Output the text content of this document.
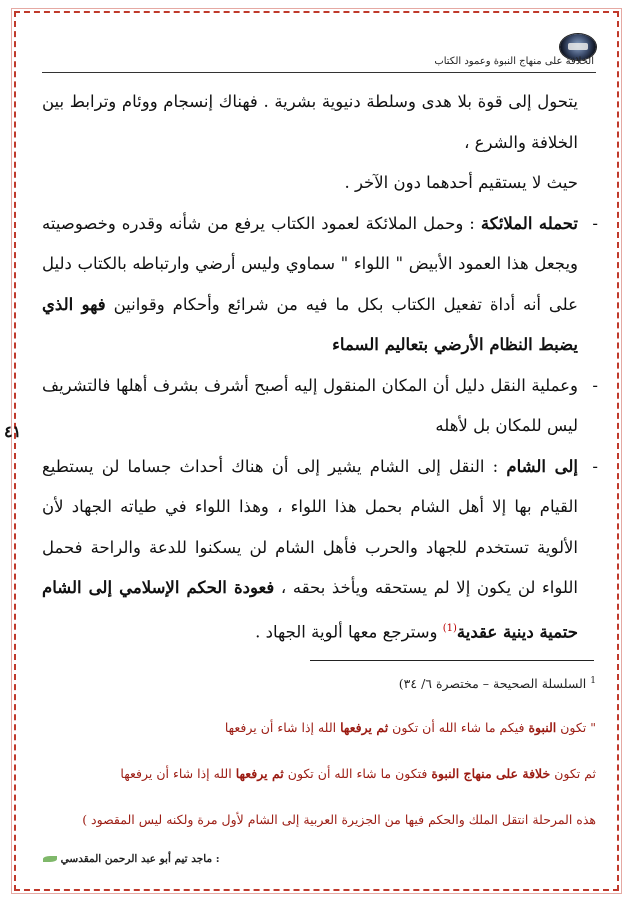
الخلافة على منهاج النبوة وعمود الكتاب
٤١

يتحول إلى قوة بلا هدى وسلطة دنيوية بشرية . فهناك إنسجام ووئام وترابط بين الخلافة والشرع ،
حيث لا يستقيم أحدهما دون الآخر .

-
تحمله الملائكة : وحمل الملائكة لعمود الكتاب يرفع من شأنه وقدره وخصوصيته ويجعل هذا العمود الأبيض " اللواء " سماوي وليس أرضي وارتباطه بالكتاب دليل على أنه أداة تفعيل الكتاب بكل ما فيه من شرائع وأحكام وقوانين فهو الذي يضبط النظام الأرضي بتعاليم السماء

-
وعملية النقل دليل أن المكان المنقول إليه أصبح أشرف بشرف أهلها فالتشريف ليس للمكان بل لأهله

-
إلى الشام : النقل إلى الشام يشير إلى أن هناك أحداث جساما لن يستطيع القيام بها إلا أهل الشام بحمل هذا اللواء ، وهذا اللواء في طياته الجهاد لأن الألوية تستخدم للجهاد والحرب فأهل الشام لن يسكنوا للدعة والراحة فحمل اللواء لن يكون إلا لم يستحقه ويأخذ بحقه ، فعودة الحكم الإسلامي إلى الشام حتمية دينية عقدية$^{(1)}$ وسترجع معها ألوية الجهاد .

$^1$ السلسلة الصحيحة – مختصرة ٦/ ٣٤)
" تكون النبوة فيكم ما شاء الله أن تكون ثم يرفعها الله إذا شاء أن يرفعها
ثم تكون خلافة على منهاج النبوة فتكون ما شاء الله أن تكون ثم يرفعها الله إذا شاء أن يرفعها
هذه المرحلة انتقل الملك والحكم فيها من الجزيرة العربية إلى الشام لأول مرة ولكنه ليس المقصود )
: ماجد تيم أبو عبد الرحمن المقدسي
